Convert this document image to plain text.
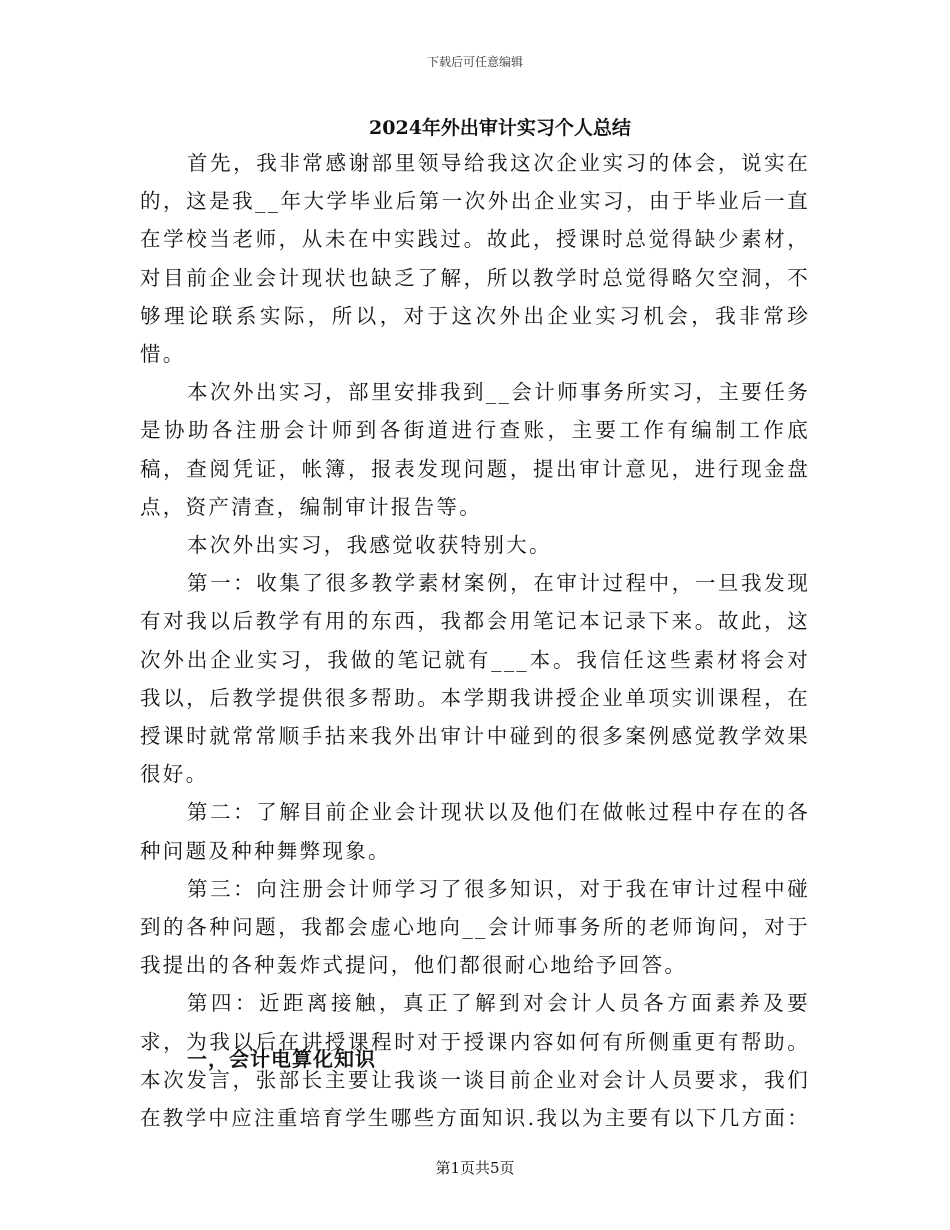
下载后可任意编辑
2024年外出审计实习个人总结

首先，我非常感谢部里领导给我这次企业实习的体会，说实在的，这是我__年大学毕业后第一次外出企业实习，由于毕业后一直在学校当老师，从未在中实践过。故此，授课时总觉得缺少素材，对目前企业会计现状也缺乏了解，所以教学时总觉得略欠空洞，不够理论联系实际，所以，对于这次外出企业实习机会，我非常珍惜。

本次外出实习，部里安排我到__会计师事务所实习，主要任务是协助各注册会计师到各街道进行查账，主要工作有编制工作底稿，查阅凭证，帐簿，报表发现问题，提出审计意见，进行现金盘点，资产清查，编制审计报告等。

本次外出实习，我感觉收获特别大。

第一：收集了很多教学素材案例，在审计过程中，一旦我发现有对我以后教学有用的东西，我都会用笔记本记录下来。故此，这次外出企业实习，我做的笔记就有___本。我信任这些素材将会对我以，后教学提供很多帮助。本学期我讲授企业单项实训课程，在授课时就常常顺手拈来我外出审计中碰到的很多案例感觉教学效果很好。

第二：了解目前企业会计现状以及他们在做帐过程中存在的各种问题及种种舞弊现象。

第三：向注册会计师学习了很多知识，对于我在审计过程中碰到的各种问题，我都会虚心地向__会计师事务所的老师询问，对于我提出的各种轰炸式提问，他们都很耐心地给予回答。

第四：近距离接触，真正了解到对会计人员各方面素养及要求，为我以后在讲授课程时对于授课内容如何有所侧重更有帮助。本次发言，张部长主要让我谈一谈目前企业对会计人员要求，我们在教学中应注重培育学生哪些方面知识.我以为主要有以下几方面：

一，会计电算化知识
第1页共5页
